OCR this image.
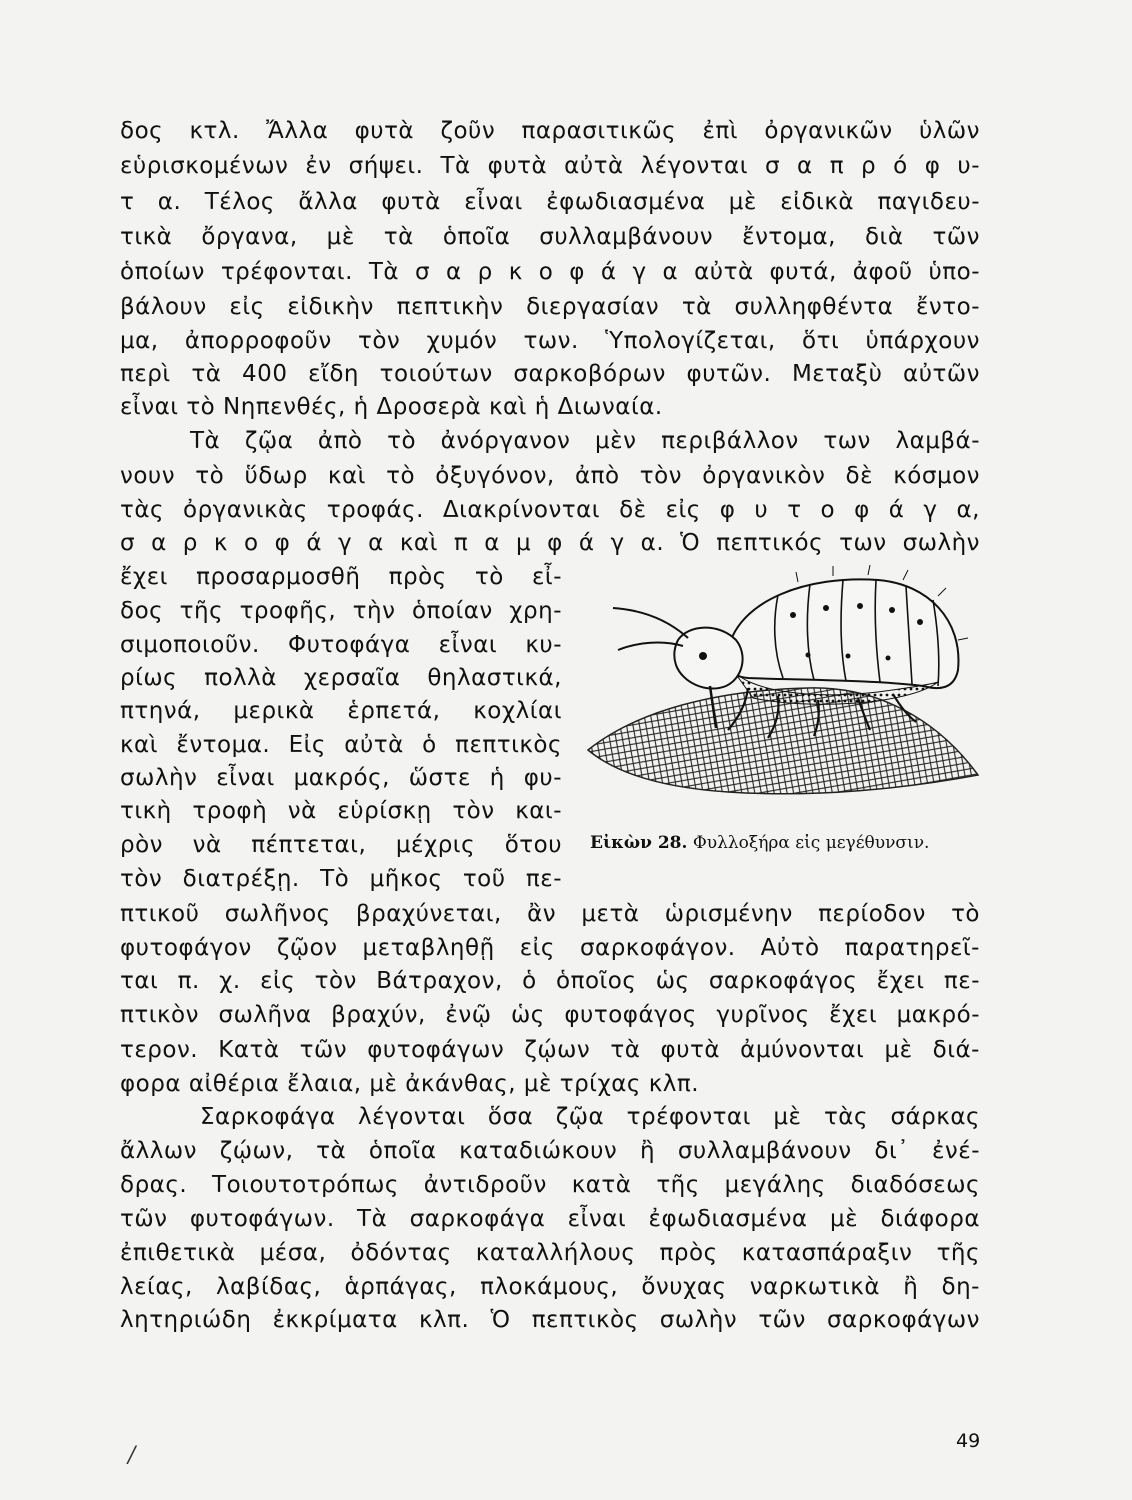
δος κτλ. Ἄλλα φυτὰ ζοῦν παρασιτικῶς ἐπὶ ὀργανικῶν ὑλῶν
εὑρισκομένων ἐν σήψει. Τὰ φυτὰ αὐτὰ λέγονται σ α π ρ ό φ υ-
τ α. Τέλος ἄλλα φυτὰ εἶναι ἐφωδιασμένα μὲ εἰδικὰ παγιδευ-
τικὰ ὄργανα, μὲ τὰ ὁποῖα συλλαμβάνουν ἔντομα, διὰ τῶν
ὁποίων τρέφονται. Τὰ σ α ρ κ ο φ ά γ α αὐτὰ φυτά, ἀφοῦ ὑπο-
βάλουν εἰς εἰδικὴν πεπτικὴν διεργασίαν τὰ συλληφθέντα ἔντο-
μα, ἀπορροφοῦν τὸν χυμόν των. Ὑπολογίζεται, ὅτι ὑπάρχουν
περὶ τὰ 400 εἴδη τοιούτων σαρκοβόρων φυτῶν. Μεταξὺ αὐτῶν
εἶναι τὸ Νηπενθές, ἡ Δροσερὰ καὶ ἡ Διωναία.
Τὰ ζῷα ἀπὸ τὸ ἀνόργανον μὲν περιβάλλον των λαμβά-
νουν τὸ ὕδωρ καὶ τὸ ὀξυγόνον, ἀπὸ τὸν ὀργανικὸν δὲ κόσμον
τὰς ὀργανικὰς τροφάς. Διακρίνονται δὲ εἰς φ υ τ ο φ ά γ α,
σ α ρ κ ο φ ά γ α καὶ π α μ φ ά γ α. Ὁ πεπτικός των σωλὴν
ἔχει προσαρμοσθῆ πρὸς τὸ εἶ-
δος τῆς τροφῆς, τὴν ὁποίαν χρη-
σιμοποιοῦν. Φυτοφάγα εἶναι κυ-
ρίως πολλὰ χερσαῖα θηλαστικά,
πτηνά, μερικὰ ἑρπετά, κοχλίαι
καὶ ἔντομα. Εἰς αὐτὰ ὁ πεπτικὸς
σωλὴν εἶναι μακρός, ὥστε ἡ φυ-
τικὴ τροφὴ νὰ εὑρίσκῃ τὸν και-
ρὸν νὰ πέπτεται, μέχρις ὅτου
τὸν διατρέξῃ. Τὸ μῆκος τοῦ πε-
πτικοῦ σωλῆνος βραχύνεται, ἂν μετὰ ὡρισμένην περίοδον τὸ
φυτοφάγον ζῷον μεταβληθῇ εἰς σαρκοφάγον. Αὐτὸ παρατηρεῖ-
ται π. χ. εἰς τὸν Βάτραχον, ὁ ὁποῖος ὡς σαρκοφάγος ἔχει πε-
πτικὸν σωλῆνα βραχύν, ἐνῷ ὡς φυτοφάγος γυρῖνος ἔχει μακρό-
τερον. Κατὰ τῶν φυτοφάγων ζῴων τὰ φυτὰ ἀμύνονται μὲ διά-
φορα αἰθέρια ἔλαια, μὲ ἀκάνθας, μὲ τρίχας κλπ.
Σαρκοφάγα λέγονται ὅσα ζῷα τρέφονται μὲ τὰς σάρκας
ἄλλων ζῴων, τὰ ὁποῖα καταδιώκουν ἢ συλλαμβάνουν δι᾽ ἐνέ-
δρας. Τοιουτοτρόπως ἀντιδροῦν κατὰ τῆς μεγάλης διαδόσεως
τῶν φυτοφάγων. Τὰ σαρκοφάγα εἶναι ἐφωδιασμένα μὲ διάφορα
ἐπιθετικὰ μέσα, ὀδόντας καταλλήλους πρὸς κατασπάραξιν τῆς
λείας, λαβίδας, ἁρπάγας, πλοκάμους, ὄνυχας ναρκωτικὰ ἢ δη-
λητηριώδη ἐκκρίματα κλπ. Ὁ πεπτικὸς σωλὴν τῶν σαρκοφάγων
Εἰκὼν 28. Φυλλοξήρα εἰς μεγέθυνσιν.
/
49
